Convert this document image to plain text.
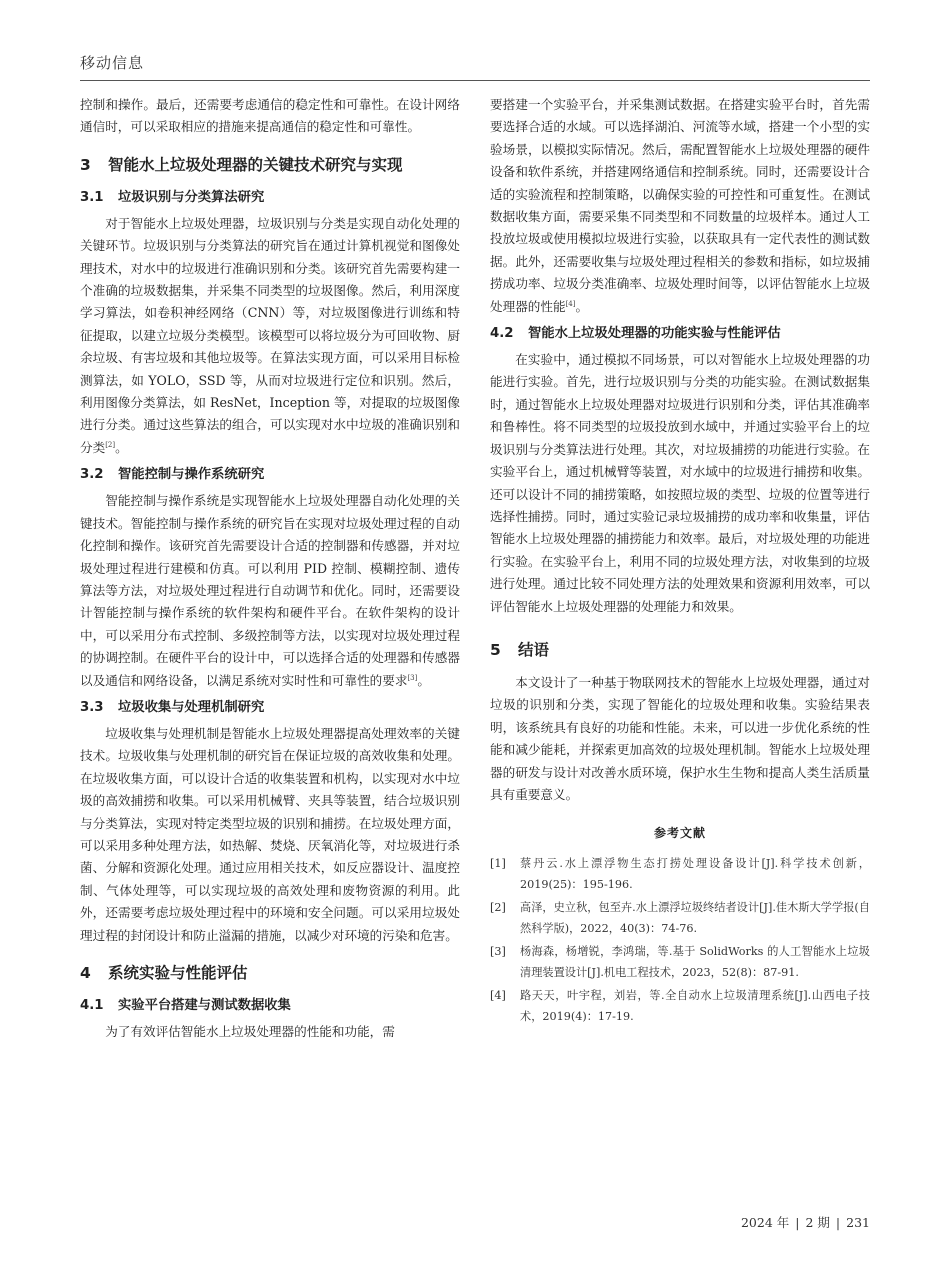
移动信息

控制和操作。最后，还需要考虑通信的稳定性和可靠性。在设计网络通信时，可以采取相应的措施来提高通信的稳定性和可靠性。

3 智能水上垃圾处理器的关键技术研究与实现
3.1 垃圾识别与分类算法研究

对于智能水上垃圾处理器，垃圾识别与分类是实现自动化处理的关键环节。垃圾识别与分类算法的研究旨在通过计算机视觉和图像处理技术，对水中的垃圾进行准确识别和分类。该研究首先需要构建一个准确的垃圾数据集，并采集不同类型的垃圾图像。然后，利用深度学习算法，如卷积神经网络（CNN）等，对垃圾图像进行训练和特征提取，以建立垃圾分类模型。该模型可以将垃圾分为可回收物、厨余垃圾、有害垃圾和其他垃圾等。在算法实现方面，可以采用目标检测算法，如 YOLO，SSD 等，从而对垃圾进行定位和识别。然后，利用图像分类算法，如 ResNet，Inception 等，对提取的垃圾图像进行分类。通过这些算法的组合，可以实现对水中垃圾的准确识别和分类[2]。

3.2 智能控制与操作系统研究

智能控制与操作系统是实现智能水上垃圾处理器自动化处理的关键技术。智能控制与操作系统的研究旨在实现对垃圾处理过程的自动化控制和操作。该研究首先需要设计合适的控制器和传感器，并对垃圾处理过程进行建模和仿真。可以利用 PID 控制、模糊控制、遗传算法等方法，对垃圾处理过程进行自动调节和优化。同时，还需要设计智能控制与操作系统的软件架构和硬件平台。在软件架构的设计中，可以采用分布式控制、多级控制等方法，以实现对垃圾处理过程的协调控制。在硬件平台的设计中，可以选择合适的处理器和传感器以及通信和网络设备，以满足系统对实时性和可靠性的要求[3]。

3.3 垃圾收集与处理机制研究

垃圾收集与处理机制是智能水上垃圾处理器提高处理效率的关键技术。垃圾收集与处理机制的研究旨在保证垃圾的高效收集和处理。在垃圾收集方面，可以设计合适的收集装置和机构，以实现对水中垃圾的高效捕捞和收集。可以采用机械臂、夹具等装置，结合垃圾识别与分类算法，实现对特定类型垃圾的识别和捕捞。在垃圾处理方面，可以采用多种处理方法，如热解、焚烧、厌氧消化等，对垃圾进行杀菌、分解和资源化处理。通过应用相关技术，如反应器设计、温度控制、气体处理等，可以实现垃圾的高效处理和废物资源的利用。此外，还需要考虑垃圾处理过程中的环境和安全问题。可以采用垃圾处理过程的封闭设计和防止溢漏的措施，以减少对环境的污染和危害。

4 系统实验与性能评估
4.1 实验平台搭建与测试数据收集

为了有效评估智能水上垃圾处理器的性能和功能，需

要搭建一个实验平台，并采集测试数据。在搭建实验平台时，首先需要选择合适的水域。可以选择湖泊、河流等水域，搭建一个小型的实验场景，以模拟实际情况。然后，需配置智能水上垃圾处理器的硬件设备和软件系统，并搭建网络通信和控制系统。同时，还需要设计合适的实验流程和控制策略，以确保实验的可控性和可重复性。在测试数据收集方面，需要采集不同类型和不同数量的垃圾样本。通过人工投放垃圾或使用模拟垃圾进行实验，以获取具有一定代表性的测试数据。此外，还需要收集与垃圾处理过程相关的参数和指标，如垃圾捕捞成功率、垃圾分类准确率、垃圾处理时间等，以评估智能水上垃圾处理器的性能[4]。

4.2 智能水上垃圾处理器的功能实验与性能评估

在实验中，通过模拟不同场景，可以对智能水上垃圾处理器的功能进行实验。首先，进行垃圾识别与分类的功能实验。在测试数据集时，通过智能水上垃圾处理器对垃圾进行识别和分类，评估其准确率和鲁棒性。将不同类型的垃圾投放到水域中，并通过实验平台上的垃圾识别与分类算法进行处理。其次，对垃圾捕捞的功能进行实验。在实验平台上，通过机械臂等装置，对水域中的垃圾进行捕捞和收集。还可以设计不同的捕捞策略，如按照垃圾的类型、垃圾的位置等进行选择性捕捞。同时，通过实验记录垃圾捕捞的成功率和收集量，评估智能水上垃圾处理器的捕捞能力和效率。最后，对垃圾处理的功能进行实验。在实验平台上，利用不同的垃圾处理方法，对收集到的垃圾进行处理。通过比较不同处理方法的处理效果和资源利用效率，可以评估智能水上垃圾处理器的处理能力和效果。

5 结语

本文设计了一种基于物联网技术的智能水上垃圾处理器，通过对垃圾的识别和分类，实现了智能化的垃圾处理和收集。实验结果表明，该系统具有良好的功能和性能。未来，可以进一步优化系统的性能和减少能耗，并探索更加高效的垃圾处理机制。智能水上垃圾处理器的研发与设计对改善水质环境，保护水生生物和提高人类生活质量具有重要意义。

参考文献
[1]	蔡丹云.水上漂浮物生态打捞处理设备设计[J].科学技术创新，2019(25)：195-196.
[2]	高泽，史立秋，包至卉.水上漂浮垃圾终结者设计[J].佳木斯大学学报(自然科学版)，2022，40(3)：74-76.
[3]	杨海森，杨增锐，李鸿瑞，等.基于 SolidWorks 的人工智能水上垃圾清理装置设计[J].机电工程技术，2023，52(8)：87-91.
[4]	路天天，叶宇程，刘岩，等.全自动水上垃圾清理系统[J].山西电子技术，2019(4)：17-19.
2024 年 | 2 期 | 231
